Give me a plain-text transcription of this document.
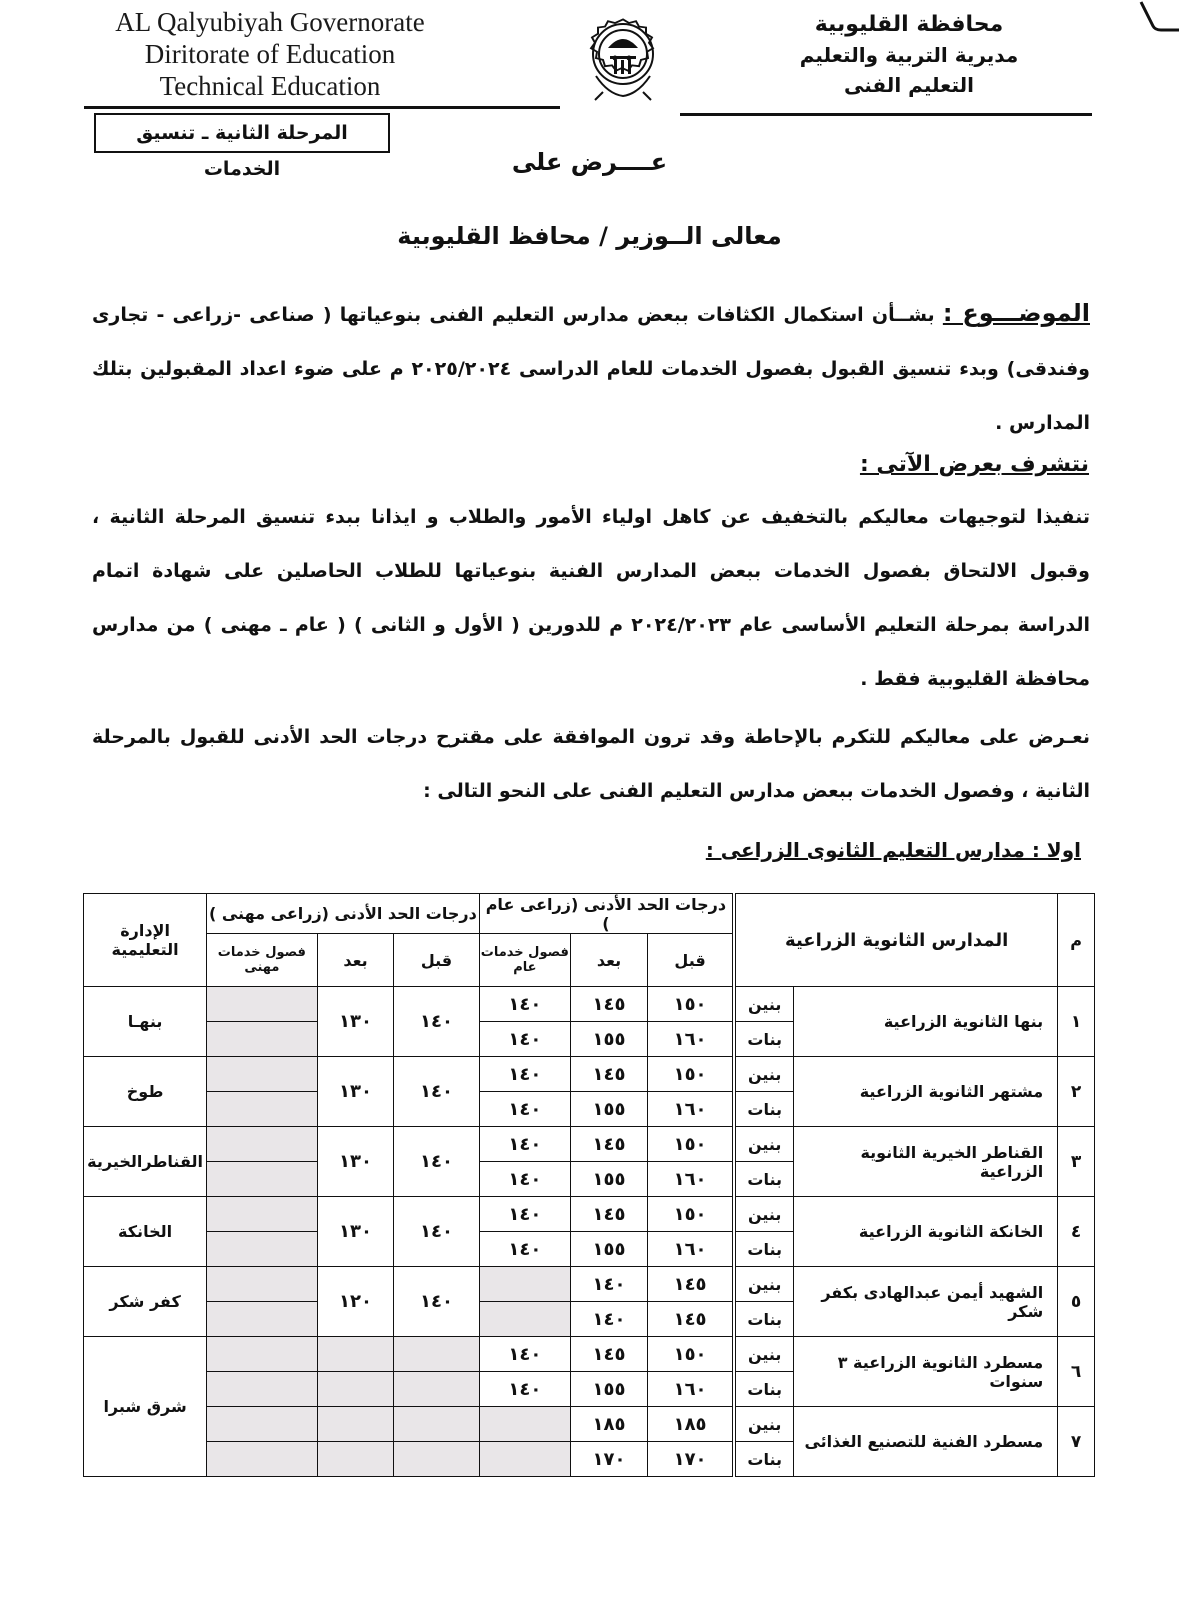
AL Qalyubiyah Governorate
Diritorate of Education
Technical Education
محافظة القليوبية
مديرية التربية والتعليم
التعليم الفنى
المرحلة الثانية ـ تنسيق الخدمات	عــــرض على
معالى الــوزير / محافظ القليوبية
الموضـــوع : بشــأن استكمال الكثافات ببعض مدارس التعليم الفنى بنوعياتها ( صناعى -زراعى - تجارى وفندقى) وبدء تنسيق القبول بفصول الخدمات للعام الدراسى ٢٠٢٥/٢٠٢٤ م على ضوء اعداد المقبولين بتلك المدارس .
نتشرف بعرض الآتى :
تنفيذا لتوجيهات معاليكم بالتخفيف عن كاهل اولياء الأمور والطلاب و ايذانا ببدء تنسيق المرحلة الثانية ، وقبول الالتحاق بفصول الخدمات ببعض المدارس الفنية بنوعياتها للطلاب الحاصلين على شهادة اتمام الدراسة بمرحلة التعليم الأساسى عام ٢٠٢٤/٢٠٢٣ م للدورين ( الأول و الثانى ) ( عام ـ مهنى ) من مدارس محافظة القليوبية فقط .
نعـرض على معاليكم للتكرم بالإحاطة وقد ترون الموافقة على مقترح درجات الحد الأدنى للقبول بالمرحلة الثانية ، وفصول الخدمات ببعض مدارس التعليم الفنى على النحو التالى :
اولا : مدارس التعليم الثانوى الزراعى :
م	المدارس الثانوية الزراعية		درجات الحد الأدنى (زراعى عام )			درجات الحد الأدنى (زراعى مهنى )			الإدارة التعليمية
			قبل	بعد	فصول خدمات عام	قبل	بعد	فصول خدمات مهنى	
١	بنها الثانوية الزراعية	بنين	١٥٠	١٤٥	١٤٠	١٤٠	١٣٠		بنهـا
		بنات	١٦٠	١٥٥	١٤٠				
٢	مشتهر الثانوية الزراعية	بنين	١٥٠	١٤٥	١٤٠	١٤٠	١٣٠		طوخ
		بنات	١٦٠	١٥٥	١٤٠				
٣	القناطر الخيرية الثانوية الزراعية	بنين	١٥٠	١٤٥	١٤٠	١٤٠	١٣٠		القناطرالخيرية
		بنات	١٦٠	١٥٥	١٤٠				
٤	الخانكة الثانوية الزراعية	بنين	١٥٠	١٤٥	١٤٠	١٤٠	١٣٠		الخانكة
		بنات	١٦٠	١٥٥	١٤٠				
٥	الشهيد أيمن عبدالهادى بكفر شكر	بنين	١٤٥	١٤٠		١٤٠	١٢٠		كفر شكر
		بنات	١٤٥	١٤٠					
٦	مسطرد الثانوية الزراعية ٣ سنوات	بنين	١٥٠	١٤٥	١٤٠				شرق شبرا
		بنات	١٦٠	١٥٥	١٤٠				
٧	مسطرد الفنية للتصنيع الغذائى	بنين	١٨٥	١٨٥					
		بنات	١٧٠	١٧٠					
